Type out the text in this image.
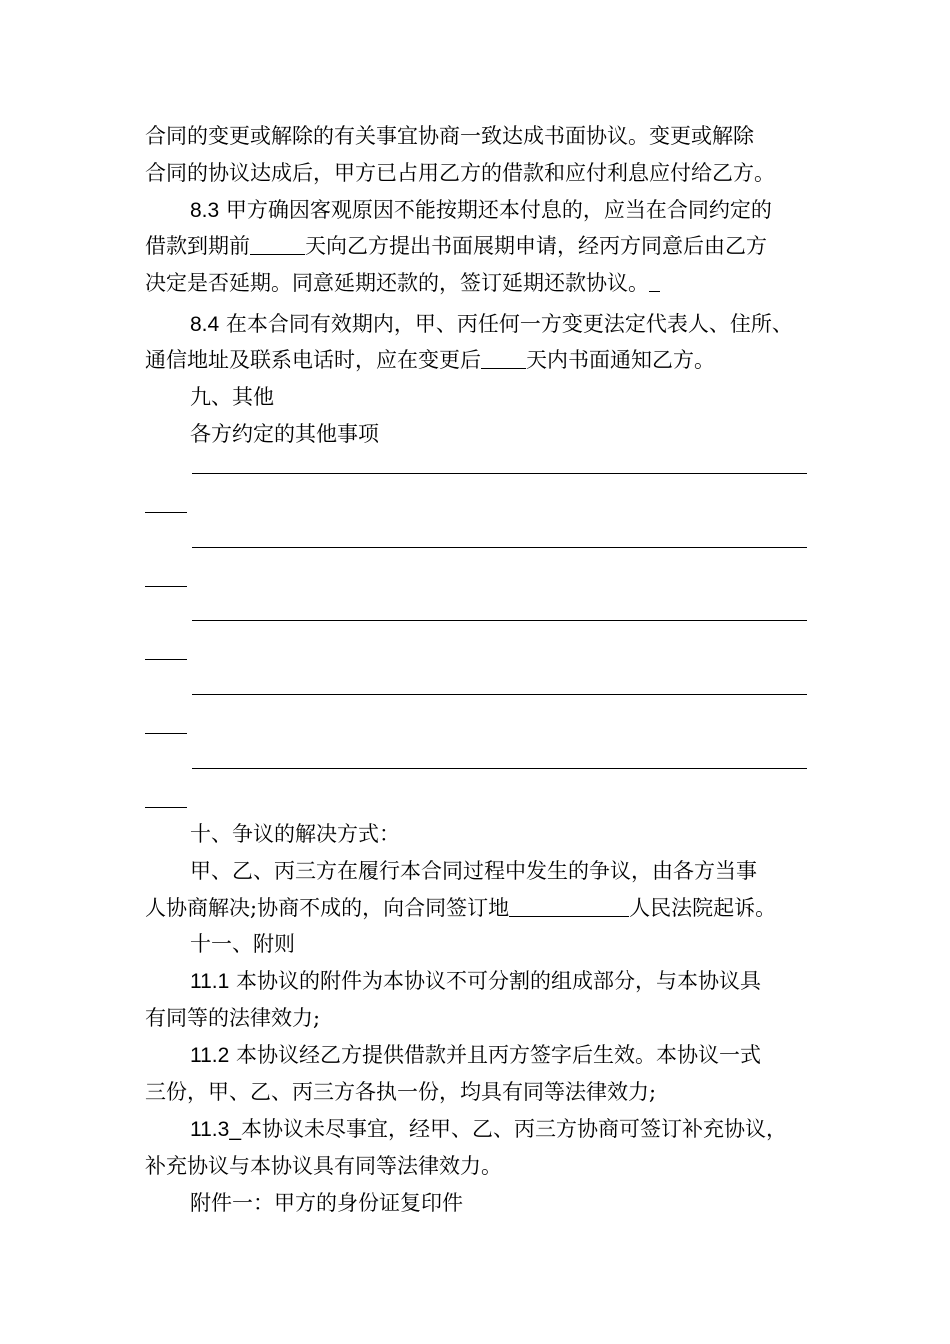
合同的变更或解除的有关事宜协商一致达成书面协议。变更或解除
合同的协议达成后，甲方已占用乙方的借款和应付利息应付给乙方。
8.3 甲方确因客观原因不能按期还本付息的，应当在合同约定的
借款到期前	天向乙方提出书面展期申请，经丙方同意后由乙方
决定是否延期。同意延期还款的，签订延期还款协议。
8.4 在本合同有效期内，甲、丙任何一方变更法定代表人、住所、
通信地址及联系电话时，应在变更后 天内书面通知乙方。
九、其他
各方约定的其他事项
十、争议的解决方式：
甲、乙、丙三方在履行本合同过程中发生的争议，由各方当事
人协商解决;协商不成的，向合同签订地	人民法院起诉。
十一、附则
11.1 本协议的附件为本协议不可分割的组成部分，与本协议具
有同等的法律效力;
11.2 本协议经乙方提供借款并且丙方签字后生效。本协议一式
三份，甲、乙、丙三方各执一份，均具有同等法律效力;
11.3_本协议未尽事宜，经甲、乙、丙三方协商可签订补充协议，
补充协议与本协议具有同等法律效力。
附件一：甲方的身份证复印件
